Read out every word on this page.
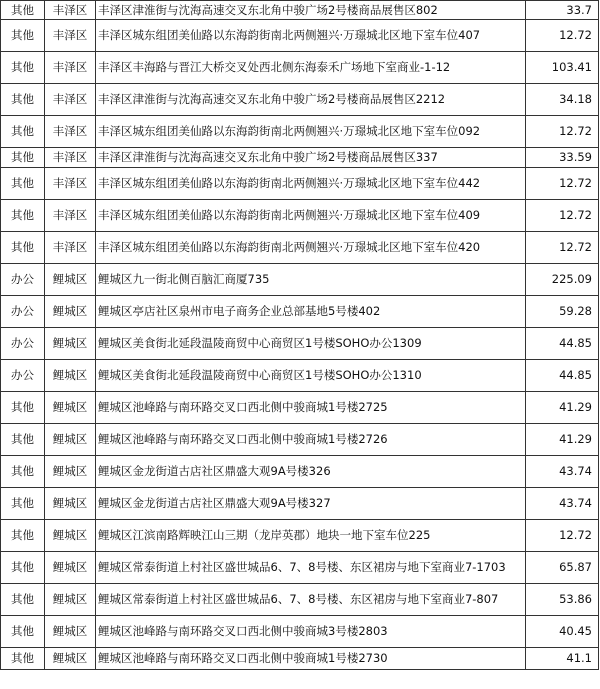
其他	丰泽区	丰泽区津淮街与沈海高速交叉东北角中骏广场2号楼商品展售区802	33.7
其他	丰泽区	丰泽区城东组团美仙路以东海韵街南北两侧翘兴·万璟城北区地下室车位407	12.72
其他	丰泽区	丰泽区丰海路与晋江大桥交叉处西北侧东海泰禾广场地下室商业-1-12	103.41
其他	丰泽区	丰泽区津淮街与沈海高速交叉东北角中骏广场2号楼商品展售区2212	34.18
其他	丰泽区	丰泽区城东组团美仙路以东海韵街南北两侧翘兴·万璟城北区地下室车位092	12.72
其他	丰泽区	丰泽区津淮街与沈海高速交叉东北角中骏广场2号楼商品展售区337	33.59
其他	丰泽区	丰泽区城东组团美仙路以东海韵街南北两侧翘兴·万璟城北区地下室车位442	12.72
其他	丰泽区	丰泽区城东组团美仙路以东海韵街南北两侧翘兴·万璟城北区地下室车位409	12.72
其他	丰泽区	丰泽区城东组团美仙路以东海韵街南北两侧翘兴·万璟城北区地下室车位420	12.72
办公	鲤城区	鲤城区九一街北侧百脑汇商厦735	225.09
办公	鲤城区	鲤城区亭店社区泉州市电子商务企业总部基地5号楼402	59.28
办公	鲤城区	鲤城区美食街北延段温陵商贸中心商贸区1号楼SOHO办公1309	44.85
办公	鲤城区	鲤城区美食街北延段温陵商贸中心商贸区1号楼SOHO办公1310	44.85
其他	鲤城区	鲤城区池峰路与南环路交叉口西北侧中骏商城1号楼2725	41.29
其他	鲤城区	鲤城区池峰路与南环路交叉口西北侧中骏商城1号楼2726	41.29
其他	鲤城区	鲤城区金龙街道古店社区鼎盛大观9A号楼326	43.74
其他	鲤城区	鲤城区金龙街道古店社区鼎盛大观9A号楼327	43.74
其他	鲤城区	鲤城区江滨南路辉映江山三期（龙岸英郡）地块一地下室车位225	12.72
其他	鲤城区	鲤城区常泰街道上村社区盛世城品6、7、8号楼、东区裙房与地下室商业7-1703	65.87
其他	鲤城区	鲤城区常泰街道上村社区盛世城品6、7、8号楼、东区裙房与地下室商业7-807	53.86
其他	鲤城区	鲤城区池峰路与南环路交叉口西北侧中骏商城3号楼2803	40.45
其他	鲤城区	鲤城区池峰路与南环路交叉口西北侧中骏商城1号楼2730	41.1
